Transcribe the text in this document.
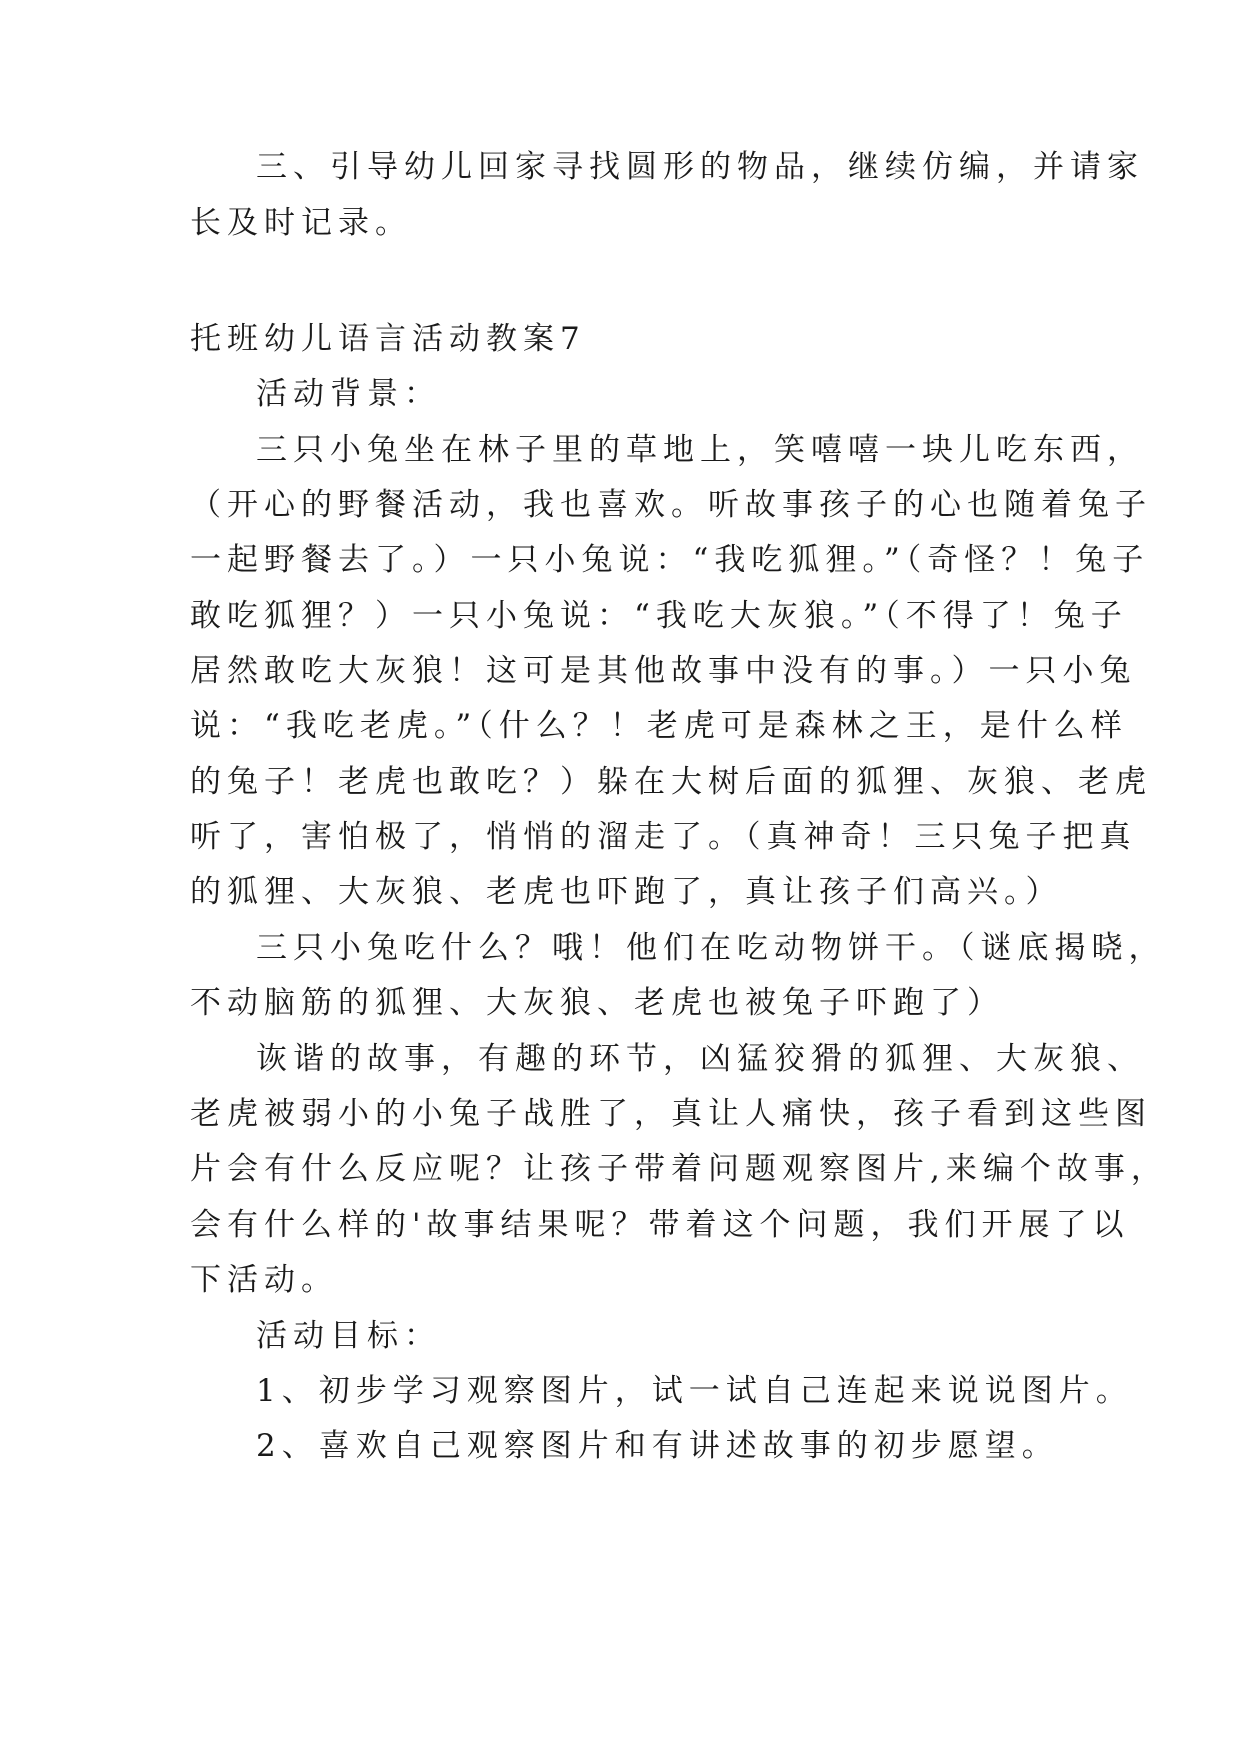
三、引导幼儿回家寻找圆形的物品，继续仿编，并请家
长及时记录。
托班幼儿语言活动教案7
活动背景：
三只小兔坐在林子里的草地上，笑嘻嘻一块儿吃东西，
（开心的野餐活动，我也喜欢。听故事孩子的心也随着兔子
一起野餐去了。）一只小兔说：“我吃狐狸。”（奇怪？！兔子
敢吃狐狸？）一只小兔说：“我吃大灰狼。”（不得了！兔子
居然敢吃大灰狼！这可是其他故事中没有的事。）一只小兔
说：“我吃老虎。”（什么？！老虎可是森林之王，是什么样
的兔子！老虎也敢吃？）躲在大树后面的狐狸、灰狼、老虎
听了，害怕极了，悄悄的溜走了。（真神奇！三只兔子把真
的狐狸、大灰狼、老虎也吓跑了，真让孩子们高兴。）
三只小兔吃什么？哦！他们在吃动物饼干。（谜底揭晓，
不动脑筋的狐狸、大灰狼、老虎也被兔子吓跑了）
诙谐的故事，有趣的环节，凶猛狡猾的狐狸、大灰狼、
老虎被弱小的小兔子战胜了，真让人痛快，孩子看到这些图
片会有什么反应呢？让孩子带着问题观察图片,来编个故事，
会有什么样的'故事结果呢？带着这个问题，我们开展了以
下活动。
活动目标：
1、初步学习观察图片，试一试自己连起来说说图片。
2、喜欢自己观察图片和有讲述故事的初步愿望。
